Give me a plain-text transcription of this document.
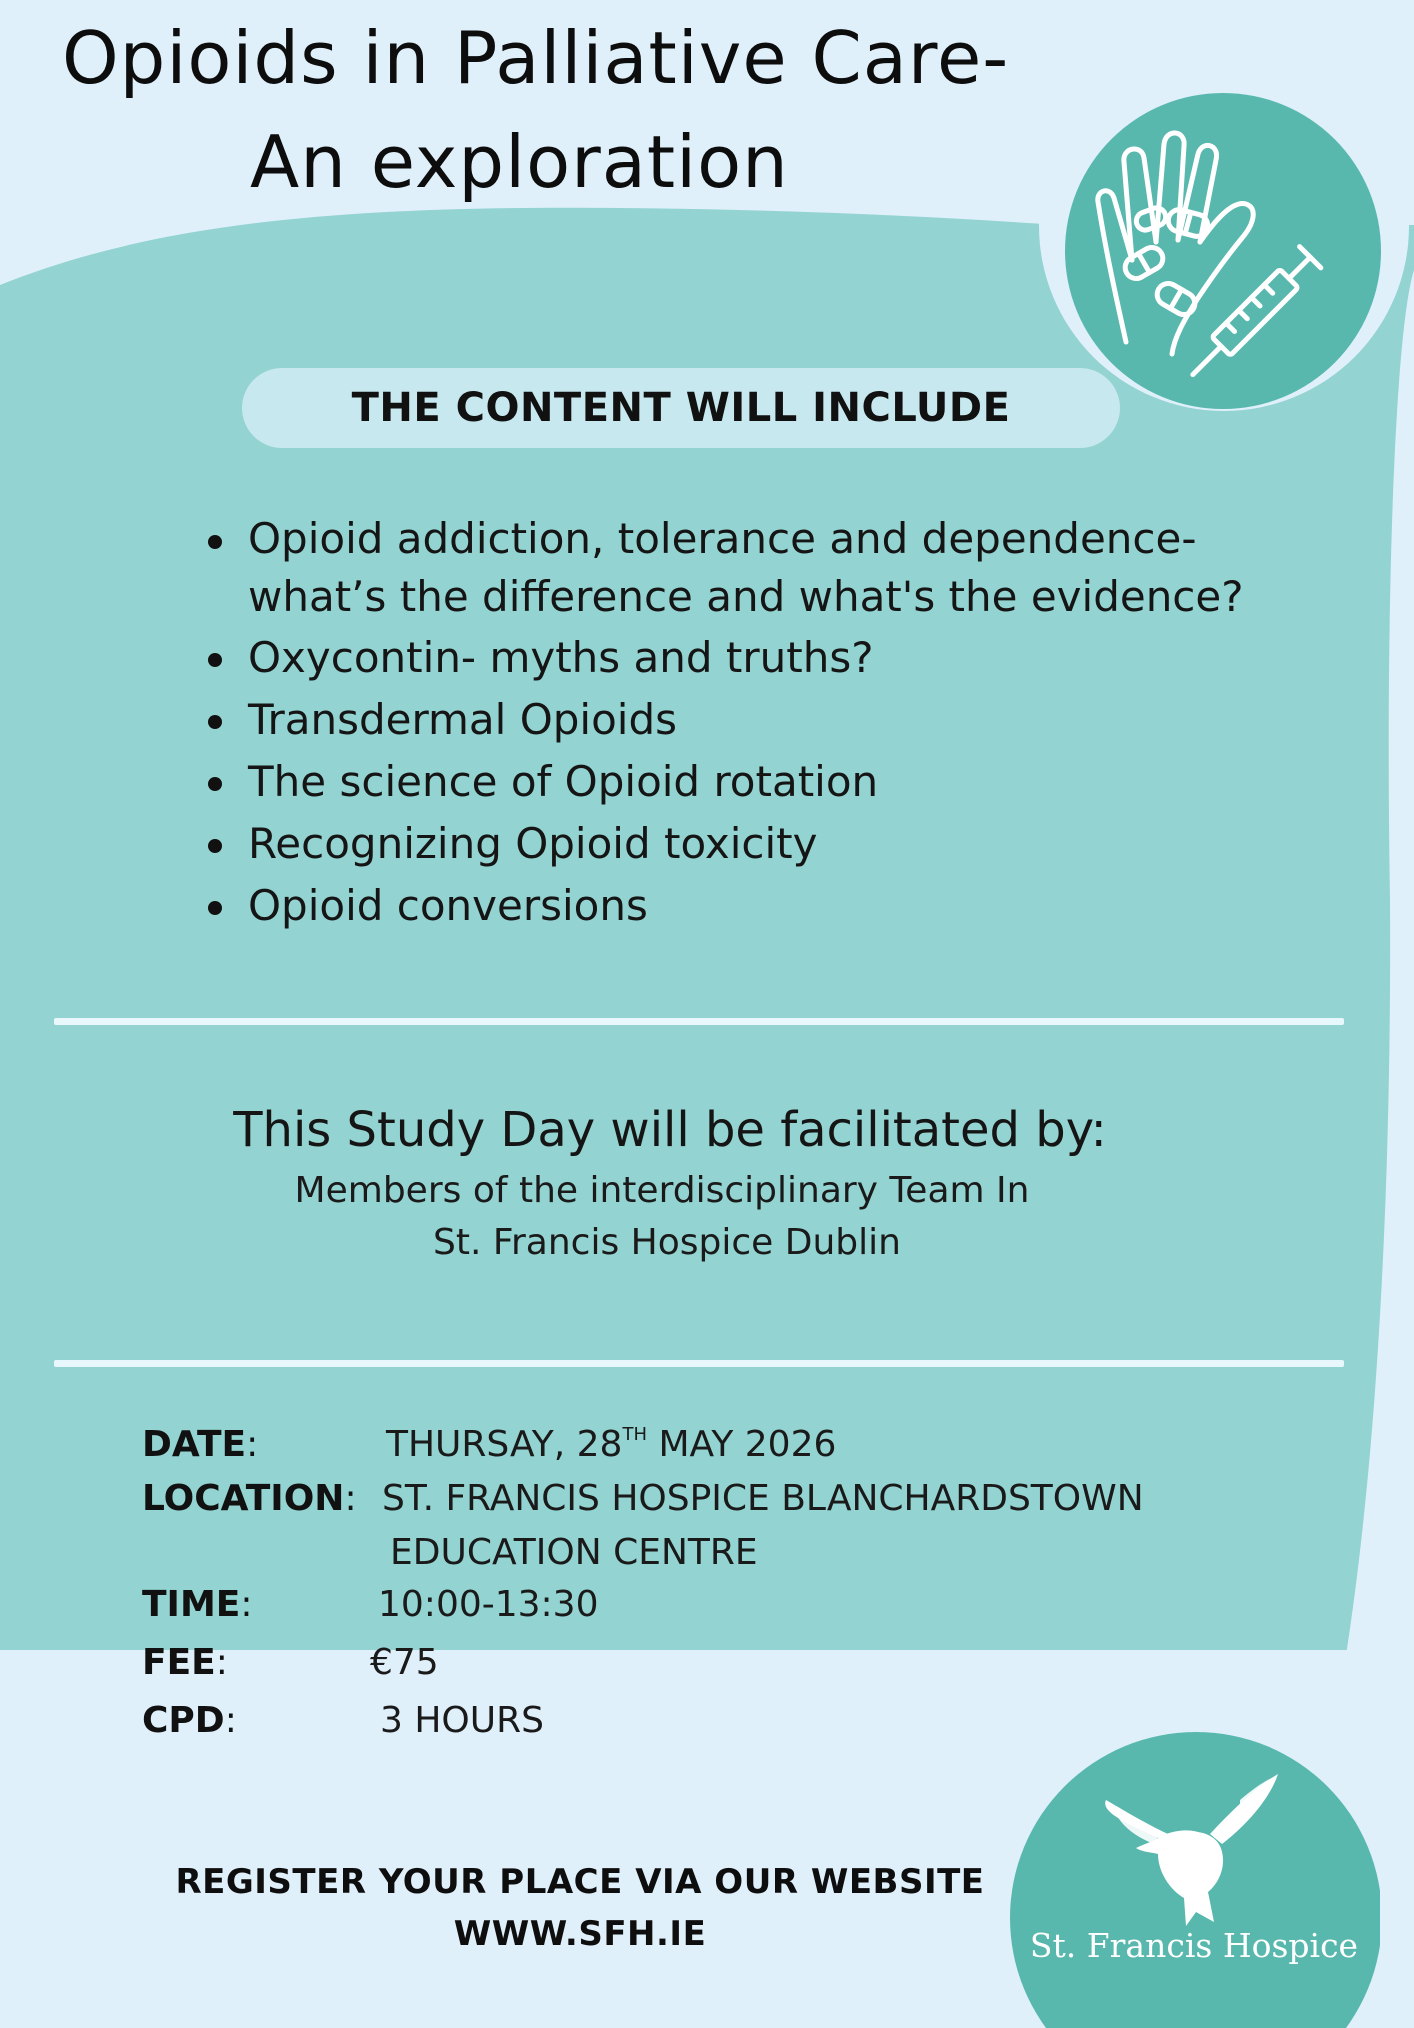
Opioids in Palliative Care-
An exploration
THE CONTENT WILL INCLUDE
Opioid addiction, tolerance and dependence- what’s the difference and what's the evidence?
Oxycontin- myths and truths?
Transdermal Opioids
The science of Opioid rotation
Recognizing Opioid toxicity
Opioid conversions
This Study Day will be facilitated by:
Members of the interdisciplinary Team In
St. Francis Hospice Dublin
DATE:	THURSAY, 28TH MAY 2026
LOCATION: ST. FRANCIS HOSPICE BLANCHARDSTOWN
EDUCATION CENTRE
TIME:	10:00-13:30
FEE:	€75
CPD:	3 HOURS
REGISTER YOUR PLACE VIA OUR WEBSITE
WWW.SFH.IE	St. Francis Hospice
